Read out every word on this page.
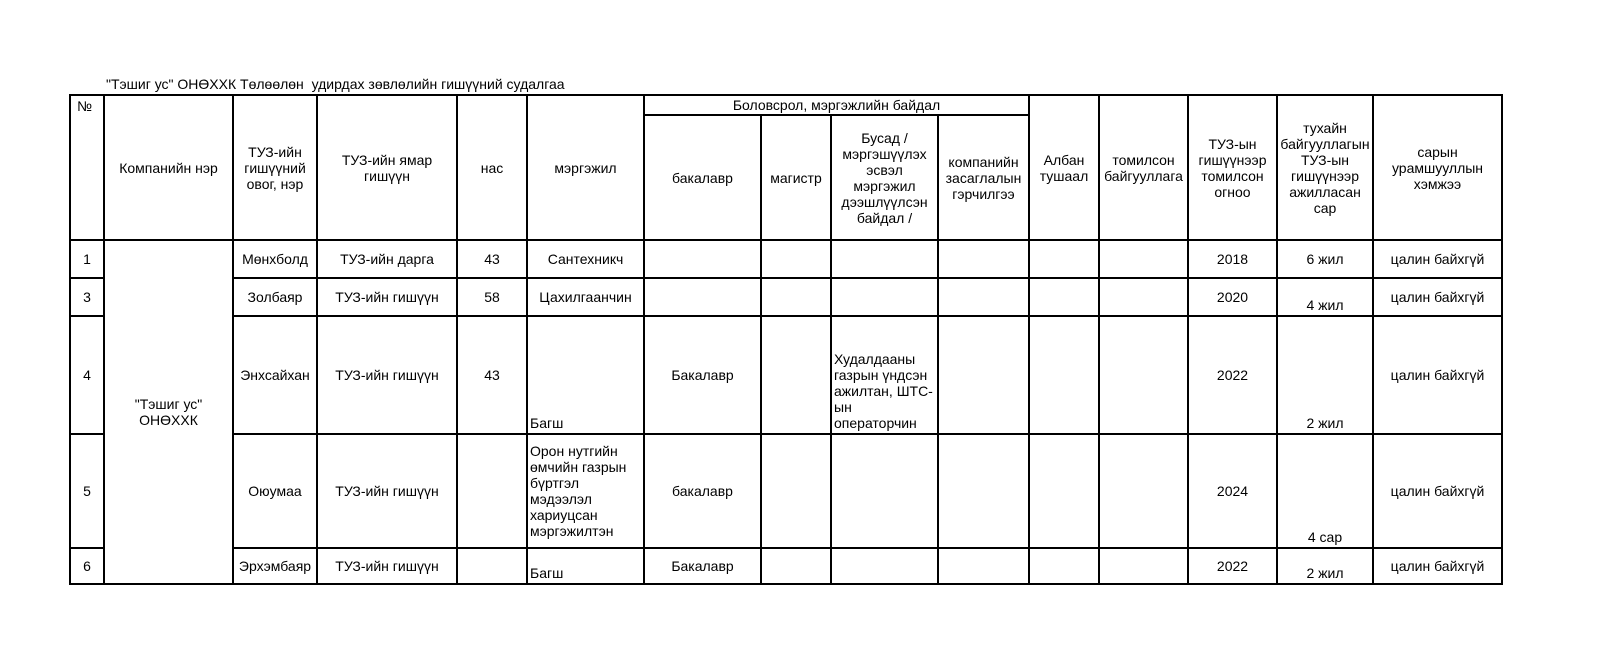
"Тэшиг ус" ОНӨХХК Төлөөлөн  удирдах зөвлөлийн гишүүний судалгаа
№	Компанийн нэр	ТУЗ-ийн гишүүний овог, нэр	ТУЗ-ийн ямар гишүүн	нас	мэргэжил	Боловсрол, мэргэжлийн байдал				Албан тушаал	томилсон байгууллага	ТУЗ-ын гишүүнээр томилсон огноо	тухайн байгууллагын ТУЗ-ын гишүүнээр ажилласан сар	сарын урамшууллын хэмжээ
						бакалавр	магистр	Бусад /мэргэшүүлэх эсвэл мэргэжил дээшлүүлсэн байдал /	компанийн засаглалын гэрчилгээ					
1	"Тэшиг ус" ОНӨХХК	Мөнхболд	ТУЗ-ийн дарга	43	Сантехникч							2018	6 жил	цалин байхгүй
3		Золбаяр	ТУЗ-ийн гишүүн	58	Цахилгаанчин							2020	4 жил	цалин байхгүй
4		Энхсайхан	ТУЗ-ийн гишүүн	43	Багш	Бакалавр		Худалдааны газрын үндсэн ажилтан, ШТС-ын операторчин				2022	2 жил	цалин байхгүй
5		Оюумаа	ТУЗ-ийн гишүүн		Орон нутгийн өмчийн газрын бүртгэл мэдээлэл хариуцсан мэргэжилтэн	бакалавр						2024	4 сар	цалин байхгүй
6		Эрхэмбаяр	ТУЗ-ийн гишүүн		Багш	Бакалавр						2022	2 жил	цалин байхгүй
